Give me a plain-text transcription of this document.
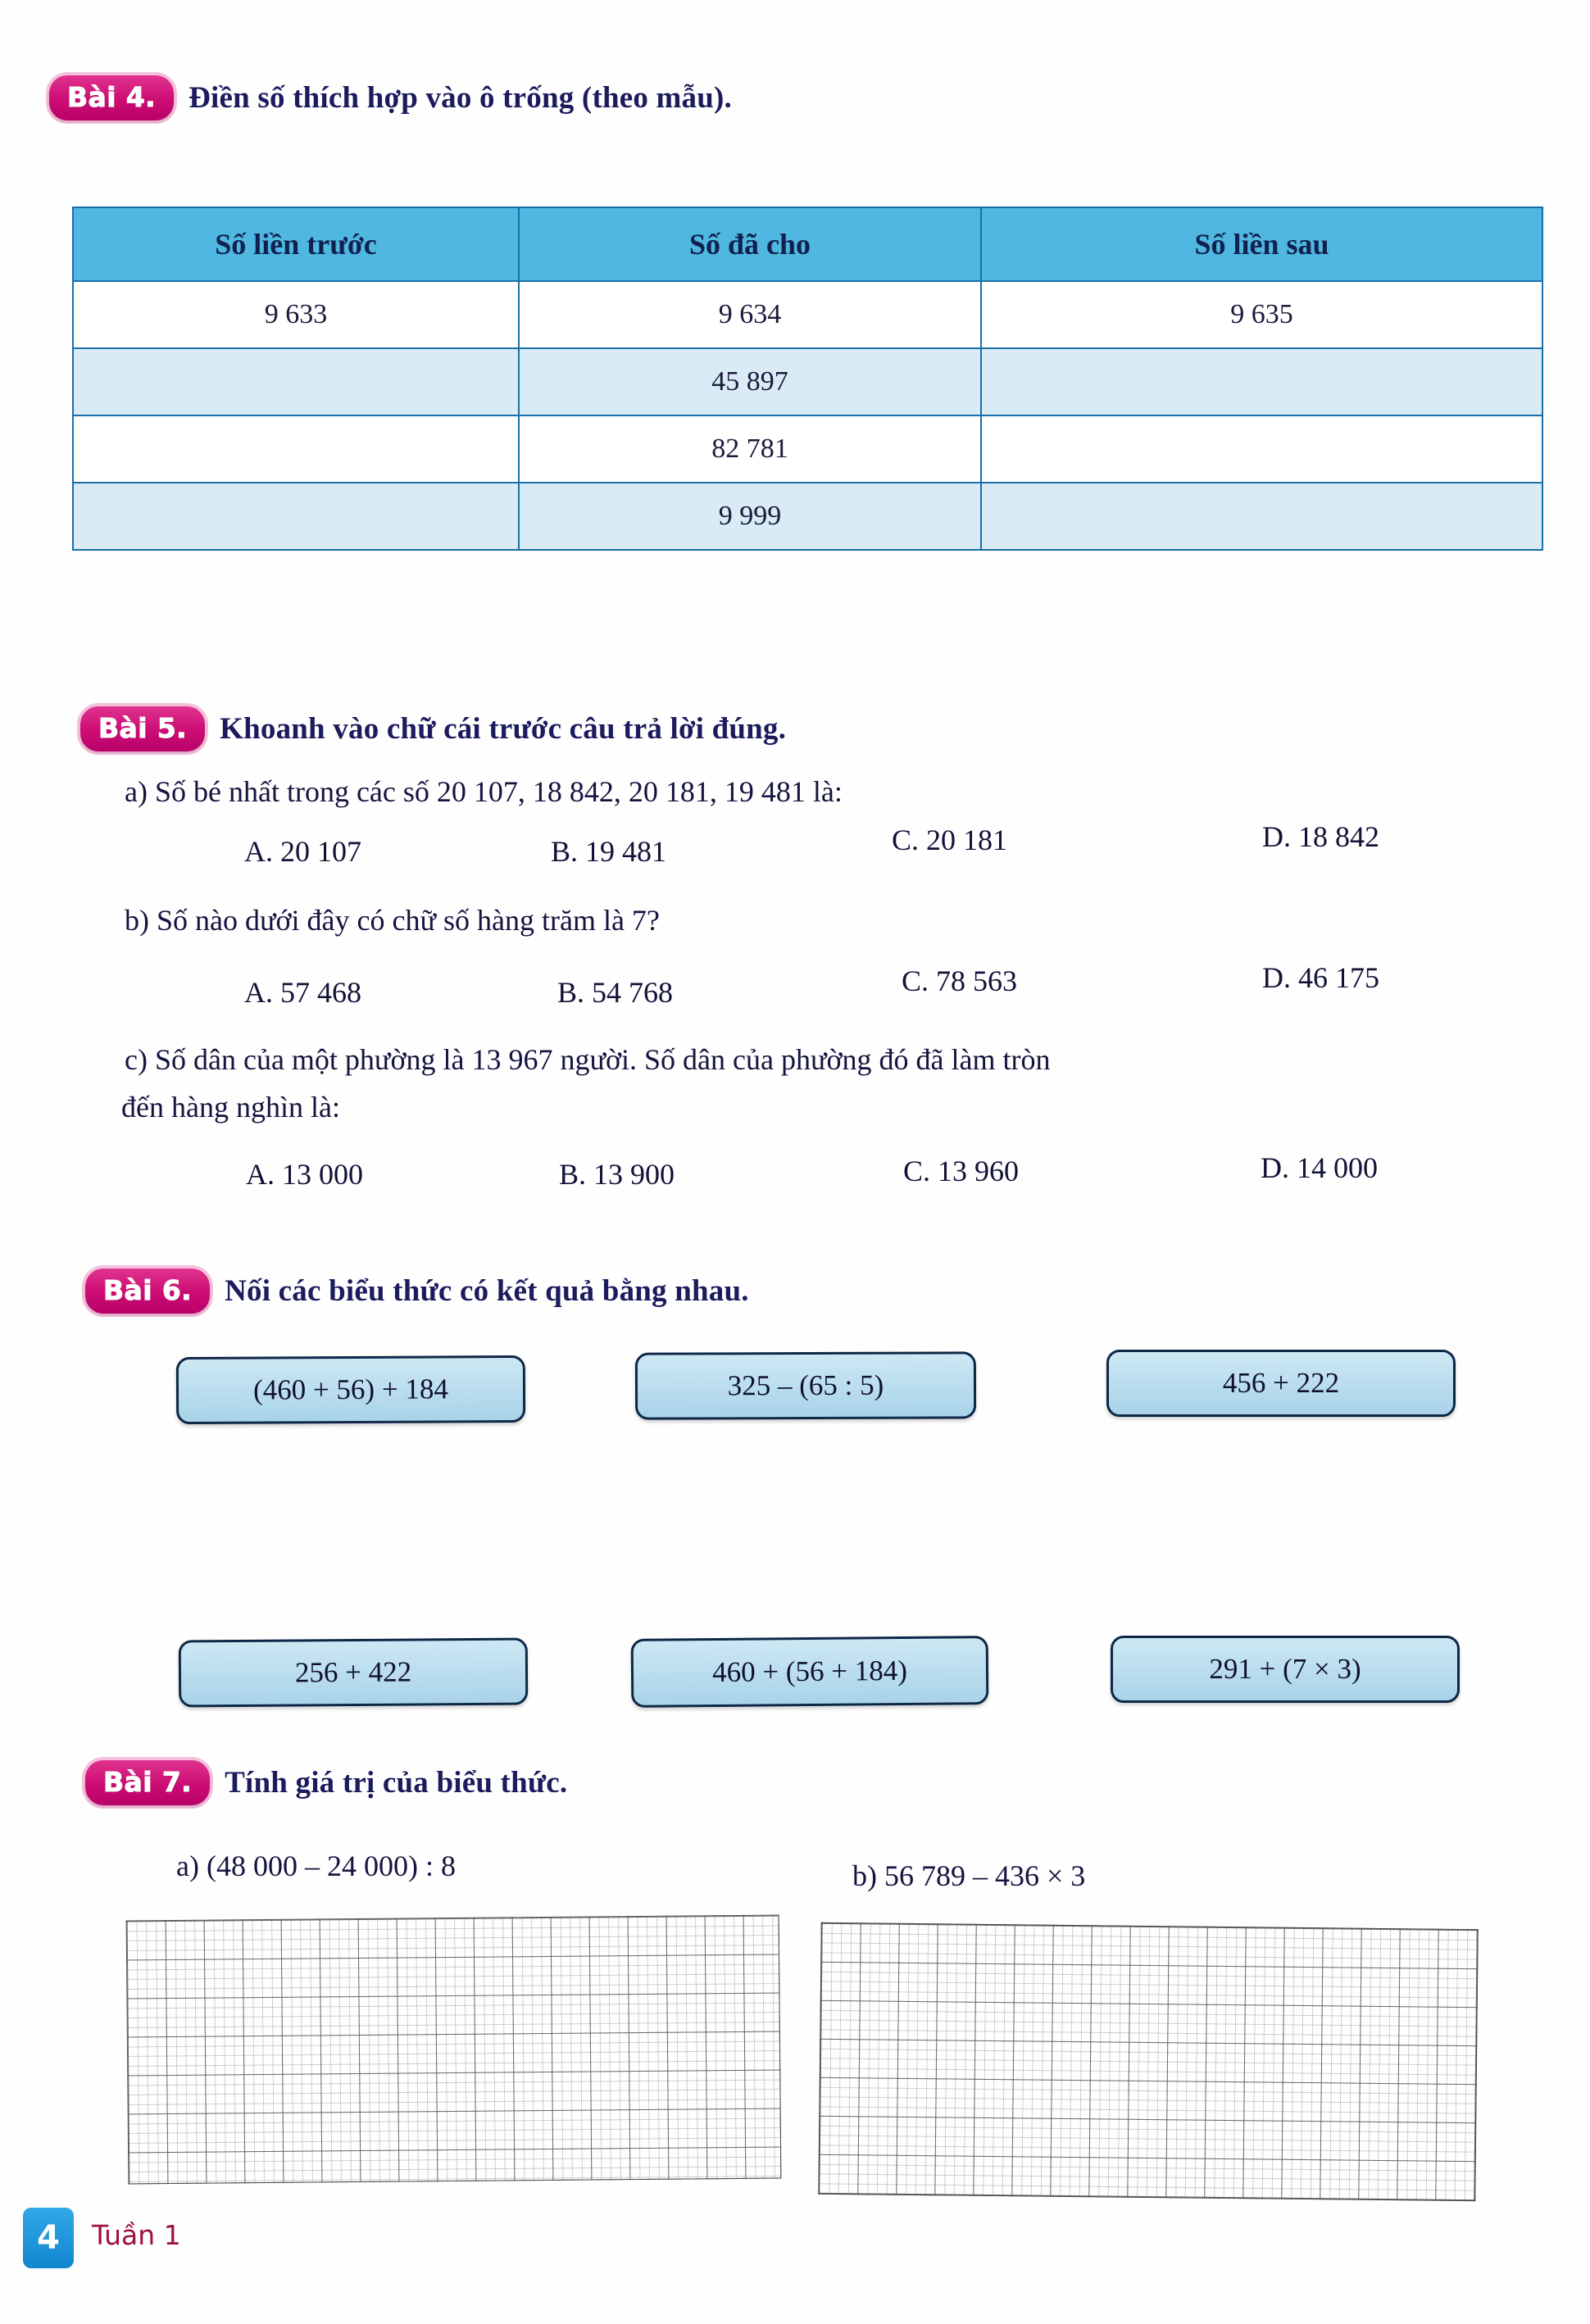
Bài 4.	Điền số thích hợp vào ô trống (theo mẫu).
Số liền trước	Số đã cho	Số liền sau
9 633	9 634	9 635
	45 897	
	82 781	
	9 999	
Bài 5.	Khoanh vào chữ cái trước câu trả lời đúng.
a) Số bé nhất trong các số 20 107, 18 842, 20 181, 19 481 là:
A. 20 107	B. 19 481	C. 20 181	D. 18 842
b) Số nào dưới đây có chữ số hàng trăm là 7?
A. 57 468	B. 54 768	C. 78 563	D. 46 175
c) Số dân của một phường là 13 967 người. Số dân của phường đó đã làm tròn
đến hàng nghìn là:
A. 13 000	B. 13 900	C. 13 960	D. 14 000
Bài 6.	Nối các biểu thức có kết quả bằng nhau.
(460 + 56) + 184	325 – (65 : 5)	456 + 222
256 + 422	460 + (56 + 184)	291 + (7 × 3)
Bài 7.	Tính giá trị của biểu thức.
a) (48 000 – 24 000) : 8	b) 56 789 – 436 × 3
4	Tuần 1
